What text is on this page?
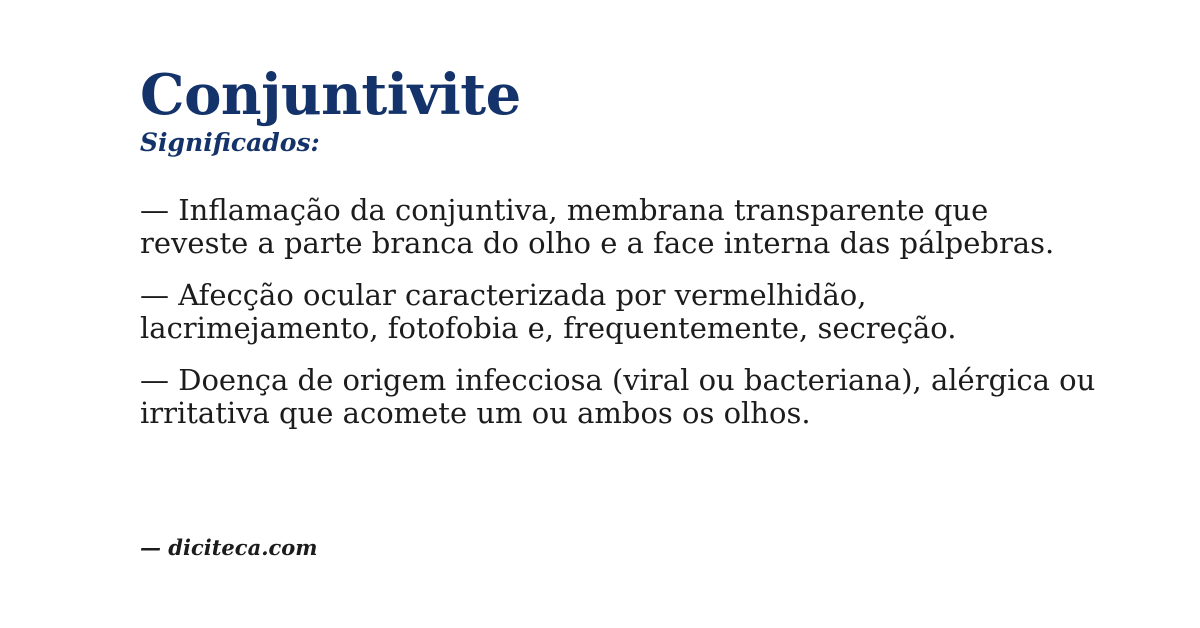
Conjuntivite

Significados:

— Inflamação da conjuntiva, membrana transparente que reveste a parte branca do olho e a face interna das pálpebras.

— Afecção ocular caracterizada por vermelhidão, lacrimejamento, fotofobia e, frequentemente, secreção.

— Doença de origem infecciosa (viral ou bacteriana), alérgica ou irritativa que acomete um ou ambos os olhos.

— diciteca.com
